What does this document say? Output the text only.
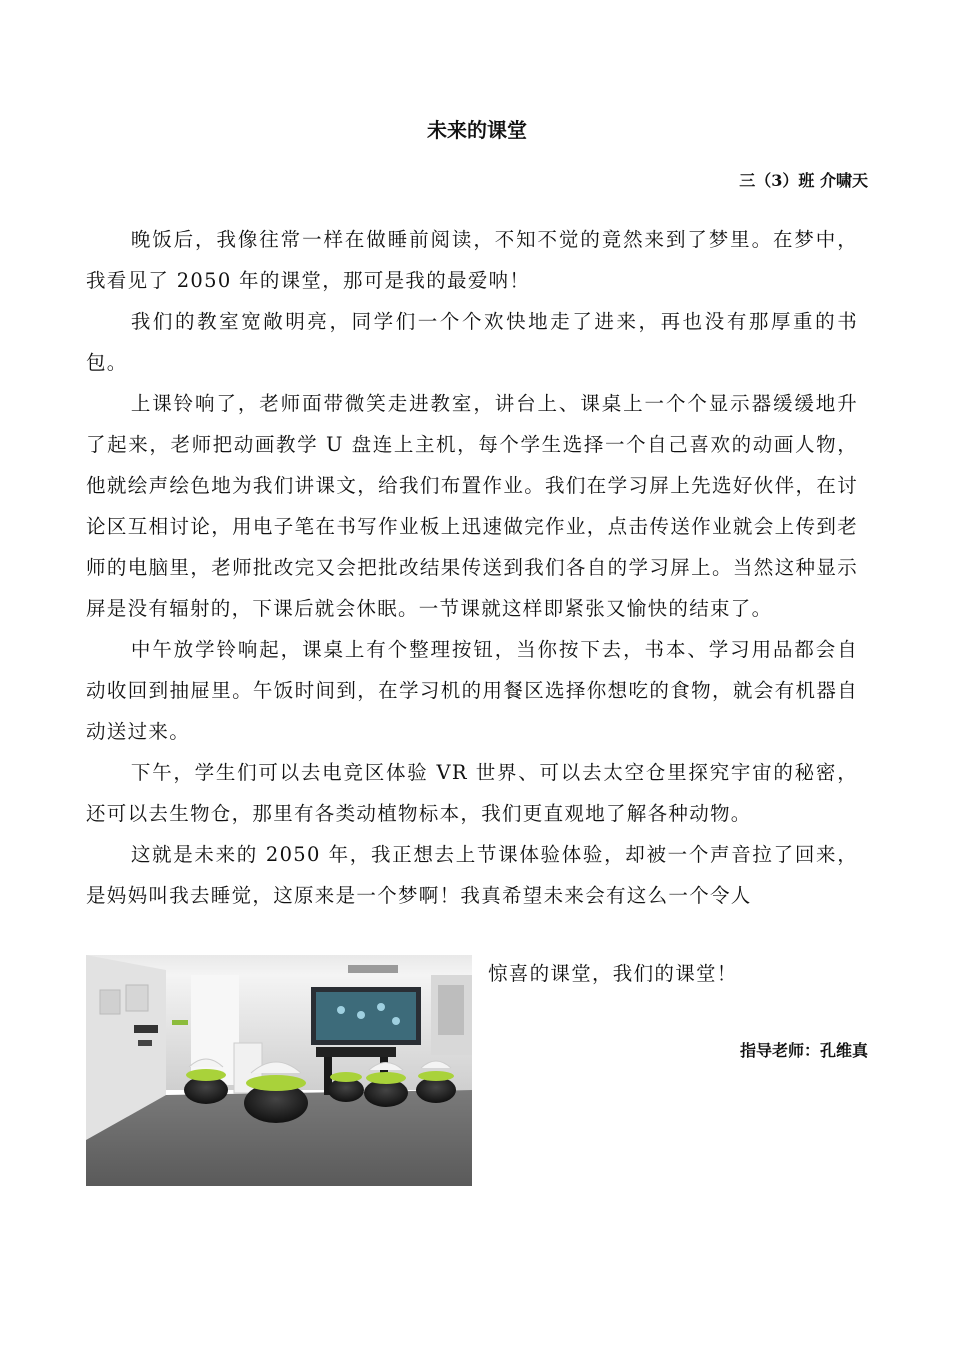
未来的课堂
三（3）班 介啸天

晚饭后，我像往常一样在做睡前阅读，不知不觉的竟然来到了梦里。在梦中，我看见了 2050 年的课堂，那可是我的最爱呐！

我们的教室宽敞明亮，同学们一个个欢快地走了进来，再也没有那厚重的书包。

上课铃响了，老师面带微笑走进教室，讲台上、课桌上一个个显示器缓缓地升了起来，老师把动画教学 U 盘连上主机，每个学生选择一个自己喜欢的动画人物，他就绘声绘色地为我们讲课文，给我们布置作业。我们在学习屏上先选好伙伴，在讨论区互相讨论，用电子笔在书写作业板上迅速做完作业，点击传送作业就会上传到老师的电脑里，老师批改完又会把批改结果传送到我们各自的学习屏上。当然这种显示屏是没有辐射的，下课后就会休眠。一节课就这样即紧张又愉快的结束了。

中午放学铃响起，课桌上有个整理按钮，当你按下去，书本、学习用品都会自动收回到抽屉里。午饭时间到，在学习机的用餐区选择你想吃的食物，就会有机器自动送过来。

下午，学生们可以去电竞区体验 VR 世界、可以去太空仓里探究宇宙的秘密，还可以去生物仓，那里有各类动植物标本，我们更直观地了解各种动物。

这就是未来的 2050 年，我正想去上节课体验体验，却被一个声音拉了回来，是妈妈叫我去睡觉，这原来是一个梦啊！我真希望未来会有这么一个令人

惊喜的课堂，我们的课堂！
指导老师：孔维真
